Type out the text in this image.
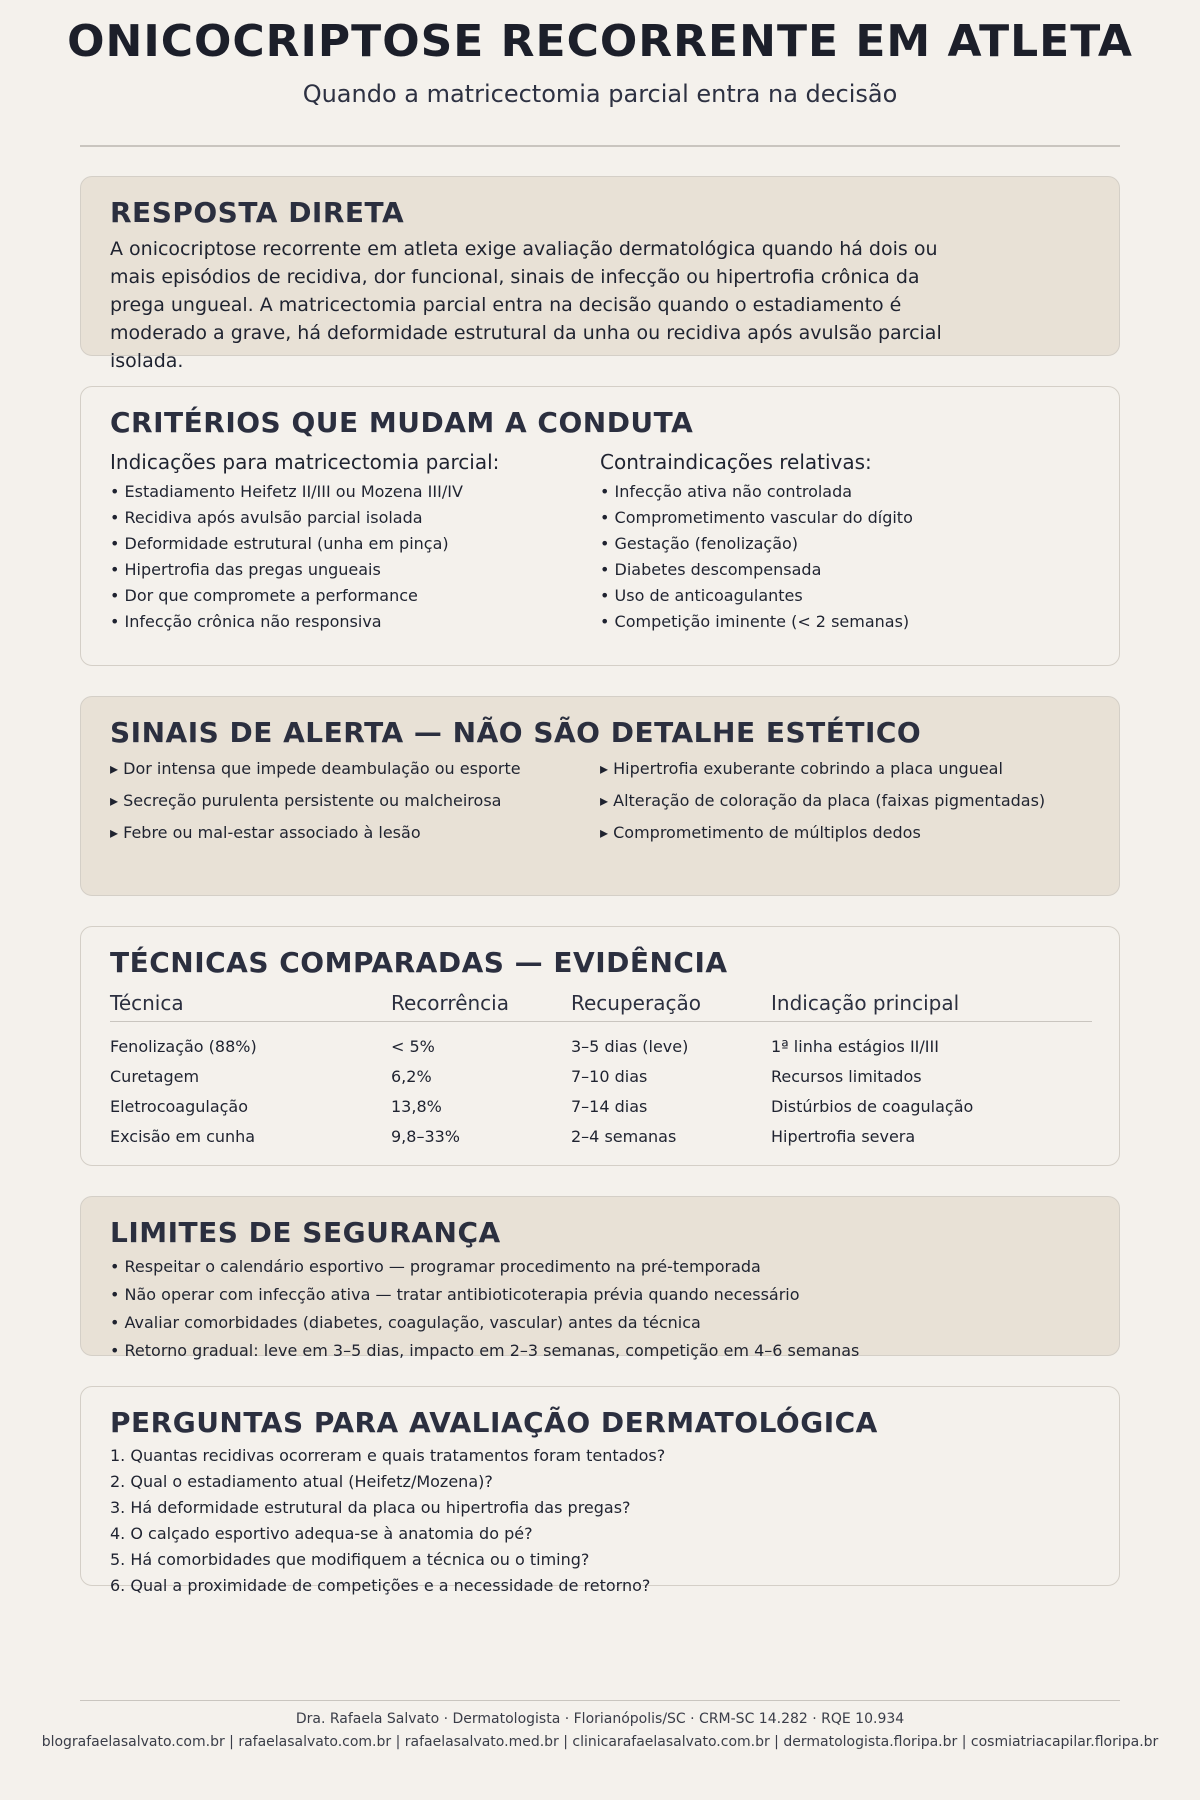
ONICOCRIPTOSE RECORRENTE EM ATLETA
Quando a matricectomia parcial entra na decisão
RESPOSTA DIRETA
A onicocriptose recorrente em atleta exige avaliação dermatológica quando há dois ou mais episódios de recidiva, dor funcional, sinais de infecção ou hipertrofia crônica da prega ungueal. A matricectomia parcial entra na decisão quando o estadiamento é moderado a grave, há deformidade estrutural da unha ou recidiva após avulsão parcial isolada.
CRITÉRIOS QUE MUDAM A CONDUTA
Indicações para matricectomia parcial:
• Estadiamento Heifetz II/III ou Mozena III/IV
• Recidiva após avulsão parcial isolada
• Deformidade estrutural (unha em pinça)
• Hipertrofia das pregas ungueais
• Dor que compromete a performance
• Infecção crônica não responsiva
Contraindicações relativas:
• Infecção ativa não controlada
• Comprometimento vascular do dígito
• Gestação (fenolização)
• Diabetes descompensada
• Uso de anticoagulantes
• Competição iminente (< 2 semanas)
SINAIS DE ALERTA — NÃO SÃO DETALHE ESTÉTICO
▸ Dor intensa que impede deambulação ou esporte
▸ Secreção purulenta persistente ou malcheirosa
▸ Febre ou mal-estar associado à lesão
▸ Hipertrofia exuberante cobrindo a placa ungueal
▸ Alteração de coloração da placa (faixas pigmentadas)
▸ Comprometimento de múltiplos dedos
TÉCNICAS COMPARADAS — EVIDÊNCIA
Técnica	Recorrência	Recuperação	Indicação principal
Fenolização (88%)	< 5%	3–5 dias (leve)	1ª linha estágios II/III
Curetagem	6,2%	7–10 dias	Recursos limitados
Eletrocoagulação	13,8%	7–14 dias	Distúrbios de coagulação
Excisão em cunha	9,8–33%	2–4 semanas	Hipertrofia severa
LIMITES DE SEGURANÇA
• Respeitar o calendário esportivo — programar procedimento na pré-temporada
• Não operar com infecção ativa — tratar antibioticoterapia prévia quando necessário
• Avaliar comorbidades (diabetes, coagulação, vascular) antes da técnica
• Retorno gradual: leve em 3–5 dias, impacto em 2–3 semanas, competição em 4–6 semanas
PERGUNTAS PARA AVALIAÇÃO DERMATOLÓGICA
1. Quantas recidivas ocorreram e quais tratamentos foram tentados?
2. Qual o estadiamento atual (Heifetz/Mozena)?
3. Há deformidade estrutural da placa ou hipertrofia das pregas?
4. O calçado esportivo adequa-se à anatomia do pé?
5. Há comorbidades que modifiquem a técnica ou o timing?
6. Qual a proximidade de competições e a necessidade de retorno?
Dra. Rafaela Salvato · Dermatologista · Florianópolis/SC · CRM-SC 14.282 · RQE 10.934
blografaelasalvato.com.br | rafaelasalvato.com.br | rafaelasalvato.med.br | clinicarafaelasalvato.com.br | dermatologista.floripa.br | cosmiatriacapilar.floripa.br
